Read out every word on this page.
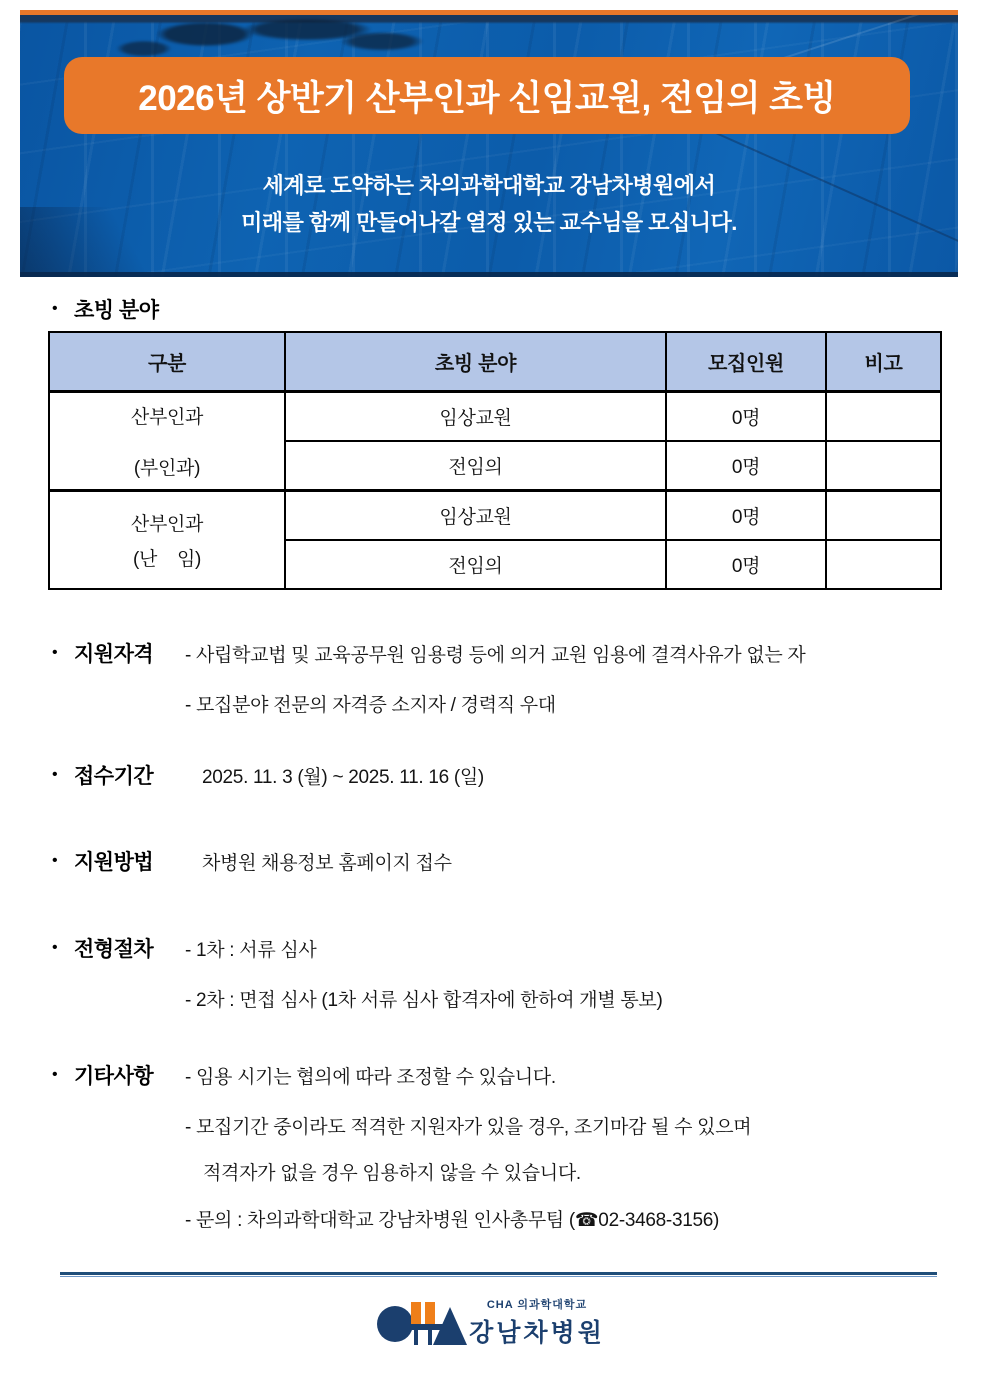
2026년 상반기 산부인과 신임교원, 전임의 초빙
세계로 도약하는 차의과학대학교 강남차병원에서
미래를 함께 만들어나갈 열정 있는 교수님을 모십니다.
• 초빙 분야
구분	초빙 분야	모집인원	비고

산부인과
(부인과)	임상교원	0명	
	전임의	0명	

산부인과
(난    임)	임상교원	0명	
	전임의	0명	
• 지원자격 - 사립학교법 및 교육공무원 임용령 등에 의거 교원 임용에 결격사유가 없는 자
- 모집분야 전문의 자격증 소지자 / 경력직 우대
• 접수기간	2025. 11. 3 (월) ~ 2025. 11. 16 (일)
• 지원방법	차병원 채용정보 홈페이지 접수
• 전형절차 - 1차 : 서류 심사
- 2차 : 면접 심사 (1차 서류 심사 합격자에 한하여 개별 통보)
• 기타사항 - 임용 시기는 협의에 따라 조정할 수 있습니다.
- 모집기간 중이라도 적격한 지원자가 있을 경우, 조기마감 될 수 있으며
적격자가 없을 경우 임용하지 않을 수 있습니다.
- 문의 : 차의과학대학교 강남차병원 인사총무팀 (☎02-3468-3156)
CHA 의과학대학교
강남차병원
